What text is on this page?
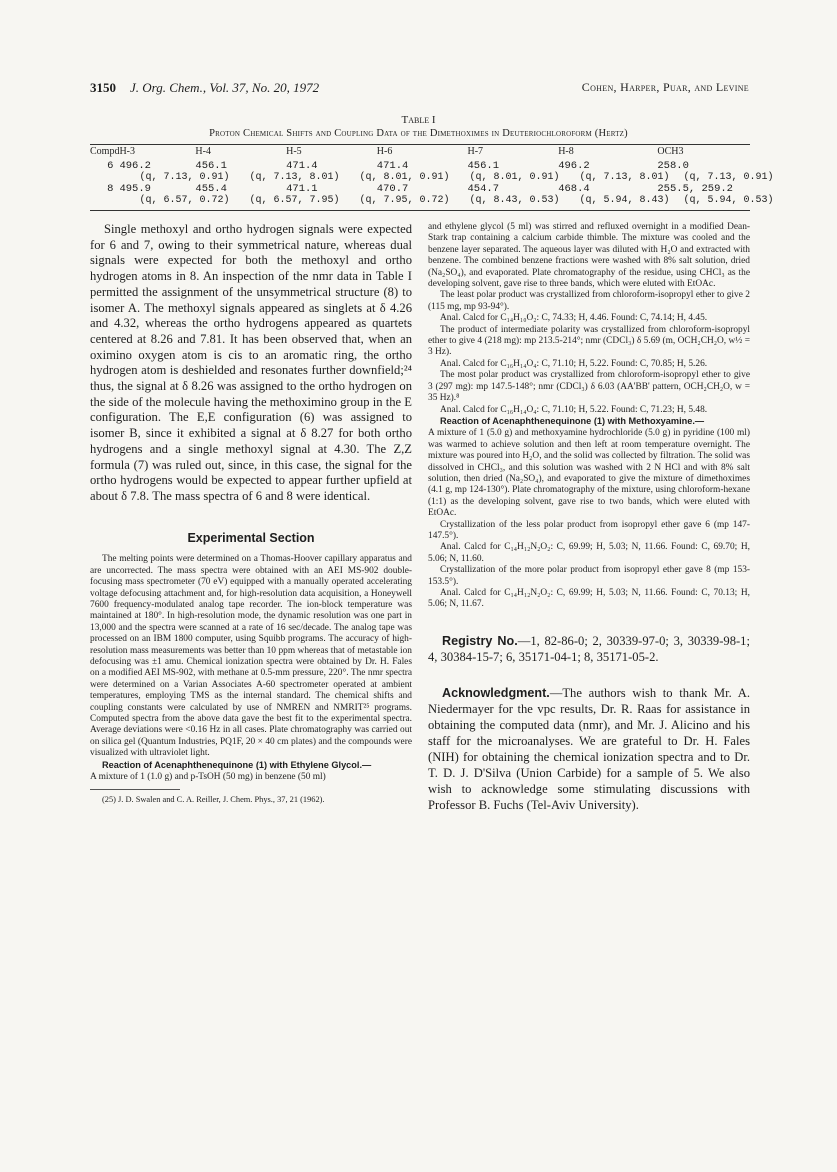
3150 J. Org. Chem., Vol. 37, No. 20, 1972	Cohen, Harper, Puar, and Levine
Table I
Proton Chemical Shifts and Coupling Data of the Dimethoximes in Deuteriochloroform (Hertz)
Compd	H-3	H-4	H-5	H-6	H-7	H-8	OCH3
6	496.2	456.1	471.4	471.4	456.1	496.2	258.0
	(q, 7.13, 0.91) (q, 7.13, 8.01) (q, 8.01, 0.91) (q, 8.01, 0.91) (q, 7.13, 8.01) (q, 7.13, 0.91)						
8	495.9	455.4	471.1	470.7	454.7	468.4	255.5, 259.2
	(q, 6.57, 0.72) (q, 6.57, 7.95) (q, 7.95, 0.72) (q, 8.43, 0.53) (q, 5.94, 8.43) (q, 5.94, 0.53)						

Single methoxyl and ortho hydrogen signals were expected for 6 and 7, owing to their symmetrical nature, whereas dual signals were expected for both the methoxyl and ortho hydrogen atoms in 8. An inspection of the nmr data in Table I permitted the assignment of the unsymmetrical structure (8) to isomer A. The methoxyl signals appeared as singlets at δ 4.26 and 4.32, whereas the ortho hydrogens appeared as quartets centered at 8.26 and 7.81. It has been observed that, when an oximino oxygen atom is cis to an aromatic ring, the ortho hydrogen atom is deshielded and resonates further downfield;²⁴ thus, the signal at δ 8.26 was assigned to the ortho hydrogen on the side of the molecule having the methoximino group in the E configuration. The E,E configuration (6) was assigned to isomer B, since it exhibited a signal at δ 8.27 for both ortho hydrogens and a single methoxyl signal at 4.30. The Z,Z formula (7) was ruled out, since, in this case, the signal for the ortho hydrogens would be expected to appear further upfield at about δ 7.8. The mass spectra of 6 and 8 were identical.

Experimental Section

The melting points were determined on a Thomas-Hoover capillary apparatus and are uncorrected. The mass spectra were obtained with an AEI MS-902 double-focusing mass spectrometer (70 eV) equipped with a manually operated accelerating voltage defocusing attachment and, for high-resolution data acquisition, a Honeywell 7600 frequency-modulated analog tape recorder. The ion-block temperature was maintained at 180°. In high-resolution mode, the dynamic resolution was one part in 13,000 and the spectra were scanned at a rate of 16 sec/decade. The analog tape was processed on an IBM 1800 computer, using Squibb programs. The accuracy of high-resolution mass measurements was better than 10 ppm whereas that of metastable ion defocusing was ±1 amu. Chemical ionization spectra were obtained by Dr. H. Fales on a modified AEI MS-902, with methane at 0.5-mm pressure, 220°. The nmr spectra were determined on a Varian Associates A-60 spectrometer operated at ambient temperatures, employing TMS as the internal standard. The chemical shifts and coupling constants were calculated by use of NMREN and NMRIT²⁵ programs. Computed spectra from the above data gave the best fit to the experimental spectra. Average deviations were <0.16 Hz in all cases. Plate chromatography was carried out on silica gel (Quantum Industries, PQ1F, 20 × 40 cm plates) and the compounds were visualized with ultraviolet light.

Reaction of Acenaphthenequinone (1) with Ethylene Glycol.—

A mixture of 1 (1.0 g) and p-TsOH (50 mg) in benzene (50 ml)

(25) J. D. Swalen and C. A. Reiller, J. Chem. Phys., 37, 21 (1962).

and ethylene glycol (5 ml) was stirred and refluxed overnight in a modified Dean-Stark trap containing a calcium carbide thimble. The mixture was cooled and the benzene layer separated. The aqueous layer was diluted with H₂O and extracted with benzene. The combined benzene fractions were washed with 8% salt solution, dried (Na₂SO₄), and evaporated. Plate chromatography of the residue, using CHCl₃ as the developing solvent, gave rise to three bands, which were eluted with EtOAc.

The least polar product was crystallized from chloroform-isopropyl ether to give 2 (115 mg, mp 93-94°).

Anal. Calcd for C₁₄H₁₀O₂: C, 74.33; H, 4.46. Found: C, 74.14; H, 4.45.

The product of intermediate polarity was crystallized from chloroform-isopropyl ether to give 4 (218 mg): mp 213.5-214°; nmr (CDCl₃) δ 5.69 (m, OCH₂CH₂O, w½ = 3 Hz).

Anal. Calcd for C₁₆H₁₄O₄: C, 71.10; H, 5.22. Found: C, 70.85; H, 5.26.

The most polar product was crystallized from chloroform-isopropyl ether to give 3 (297 mg): mp 147.5-148°; nmr (CDCl₃) δ 6.03 (AA'BB' pattern, OCH₂CH₂O, w = 35 Hz).⁸

Anal. Calcd for C₁₆H₁₄O₄: C, 71.10; H, 5.22. Found: C, 71.23; H, 5.48.

Reaction of Acenaphthenequinone (1) with Methoxyamine.—

A mixture of 1 (5.0 g) and methoxyamine hydrochloride (5.0 g) in pyridine (100 ml) was warmed to achieve solution and then left at room temperature overnight. The mixture was poured into H₂O, and the solid was collected by filtration. The solid was dissolved in CHCl₃, and this solution was washed with 2 N HCl and with 8% salt solution, then dried (Na₂SO₄), and evaporated to give the mixture of dimethoximes (4.1 g, mp 124-130°). Plate chromatography of the mixture, using chloroform-hexane (1:1) as the developing solvent, gave rise to two bands, which were eluted with EtOAc.

Crystallization of the less polar product from isopropyl ether gave 6 (mp 147-147.5°).

Anal. Calcd for C₁₄H₁₂N₂O₂: C, 69.99; H, 5.03; N, 11.66. Found: C, 69.70; H, 5.06; N, 11.60.

Crystallization of the more polar product from isopropyl ether gave 8 (mp 153-153.5°).

Anal. Calcd for C₁₄H₁₂N₂O₂: C, 69.99; H, 5.03; N, 11.66. Found: C, 70.13; H, 5.06; N, 11.67.

Registry No.—1, 82-86-0; 2, 30339-97-0; 3, 30339-98-1; 4, 30384-15-7; 6, 35171-04-1; 8, 35171-05-2.

Acknowledgment.—The authors wish to thank Mr. A. Niedermayer for the vpc results, Dr. R. Raas for assistance in obtaining the computed data (nmr), and Mr. J. Alicino and his staff for the microanalyses. We are grateful to Dr. H. Fales (NIH) for obtaining the chemical ionization spectra and to Dr. T. D. J. D'Silva (Union Carbide) for a sample of 5. We also wish to acknowledge some stimulating discussions with Professor B. Fuchs (Tel-Aviv University).
